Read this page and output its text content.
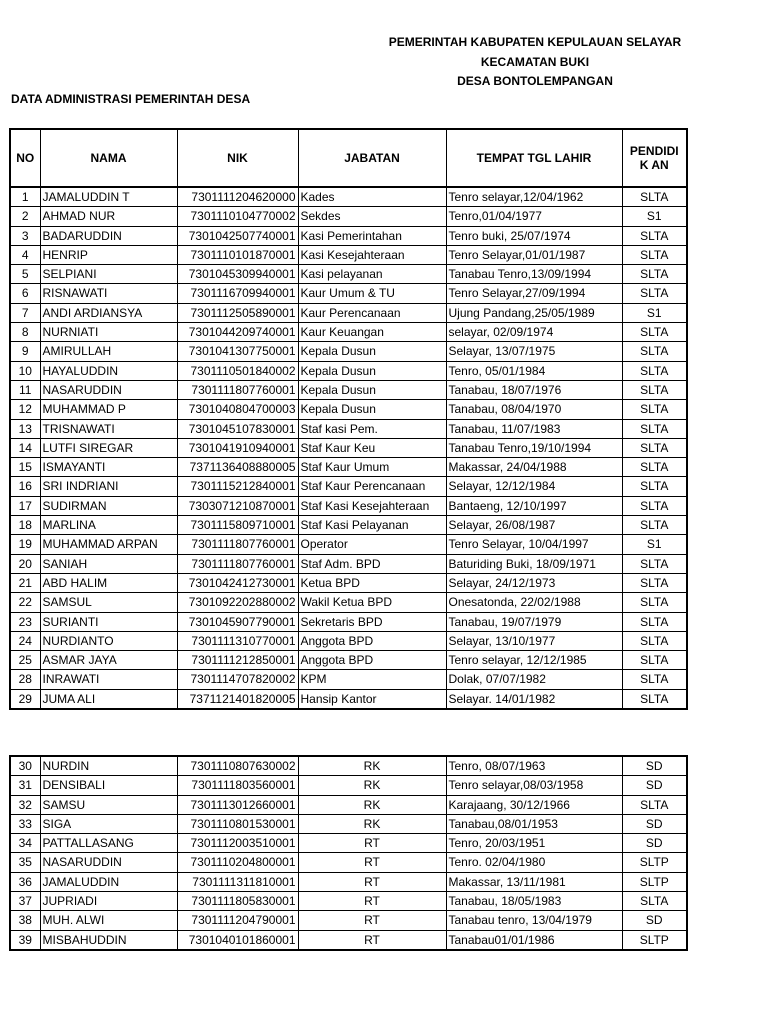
PEMERINTAH KABUPATEN KEPULAUAN SELAYAR
KECAMATAN BUKI
DESA BONTOLEMPANGAN
DATA ADMINISTRASI PEMERINTAH DESA
NO	NAMA	NIK	JABATAN	TEMPAT TGL LAHIR	PENDIDIK AN
1	JAMALUDDIN T	7301111204620000	Kades	Tenro selayar,12/04/1962	SLTA
2	AHMAD NUR	7301110104770002	Sekdes	Tenro,01/04/1977	S1
3	BADARUDDIN	7301042507740001	Kasi Pemerintahan	Tenro buki, 25/07/1974	SLTA
4	HENRIP	7301110101870001	Kasi Kesejahteraan	Tenro Selayar,01/01/1987	SLTA
5	SELPIANI	7301045309940001	Kasi pelayanan	Tanabau Tenro,13/09/1994	SLTA
6	RISNAWATI	7301116709940001	Kaur Umum & TU	Tenro Selayar,27/09/1994	SLTA
7	ANDI ARDIANSYA	7301112505890001	Kaur Perencanaan	Ujung Pandang,25/05/1989	S1
8	NURNIATI	7301044209740001	Kaur Keuangan	selayar, 02/09/1974	SLTA
9	AMIRULLAH	7301041307750001	Kepala Dusun	Selayar, 13/07/1975	SLTA
10	HAYALUDDIN	7301110501840002	Kepala Dusun	Tenro, 05/01/1984	SLTA
11	NASARUDDIN	7301111807760001	Kepala Dusun	Tanabau, 18/07/1976	SLTA
12	MUHAMMAD P	7301040804700003	Kepala Dusun	Tanabau, 08/04/1970	SLTA
13	TRISNAWATI	7301045107830001	Staf kasi Pem.	Tanabau, 11/07/1983	SLTA
14	LUTFI SIREGAR	7301041910940001	Staf Kaur Keu	Tanabau Tenro,19/10/1994	SLTA
15	ISMAYANTI	7371136408880005	Staf Kaur Umum	Makassar, 24/04/1988	SLTA
16	SRI INDRIANI	7301115212840001	Staf Kaur Perencanaan	Selayar, 12/12/1984	SLTA
17	SUDIRMAN	7303071210870001	Staf Kasi Kesejahteraan	Bantaeng, 12/10/1997	SLTA
18	MARLINA	7301115809710001	Staf Kasi Pelayanan	Selayar, 26/08/1987	SLTA
19	MUHAMMAD ARPAN	7301111807760001	Operator	Tenro Selayar, 10/04/1997	S1
20	SANIAH	7301111807760001	Staf Adm. BPD	Baturiding Buki, 18/09/1971	SLTA
21	ABD HALIM	7301042412730001	Ketua BPD	Selayar, 24/12/1973	SLTA
22	SAMSUL	7301092202880002	Wakil Ketua BPD	Onesatonda, 22/02/1988	SLTA
23	SURIANTI	7301045907790001	Sekretaris BPD	Tanabau, 19/07/1979	SLTA
24	NURDIANTO	7301111310770001	Anggota BPD	Selayar, 13/10/1977	SLTA
25	ASMAR JAYA	7301111212850001	Anggota BPD	Tenro selayar, 12/12/1985	SLTA
28	INRAWATI	7301114707820002	KPM	Dolak, 07/07/1982	SLTA
29	JUMA ALI	7371121401820005	Hansip Kantor	Selayar. 14/01/1982	SLTA
30	NURDIN	7301110807630002	RK	Tenro, 08/07/1963	SD
31	DENSIBALI	7301111803560001	RK	Tenro selayar,08/03/1958	SD
32	SAMSU	7301113012660001	RK	Karajaang, 30/12/1966	SLTA
33	SIGA	7301110801530001	RK	Tanabau,08/01/1953	SD
34	PATTALLASANG	7301112003510001	RT	Tenro, 20/03/1951	SD
35	NASARUDDIN	7301110204800001	RT	Tenro. 02/04/1980	SLTP
36	JAMALUDDIN	7301111311810001	RT	Makassar, 13/11/1981	SLTP
37	JUPRIADI	7301111805830001	RT	Tanabau, 18/05/1983	SLTA
38	MUH. ALWI	7301111204790001	RT	Tanabau tenro, 13/04/1979	SD
39	MISBAHUDDIN	7301040101860001	RT	Tanabau01/01/1986	SLTP
